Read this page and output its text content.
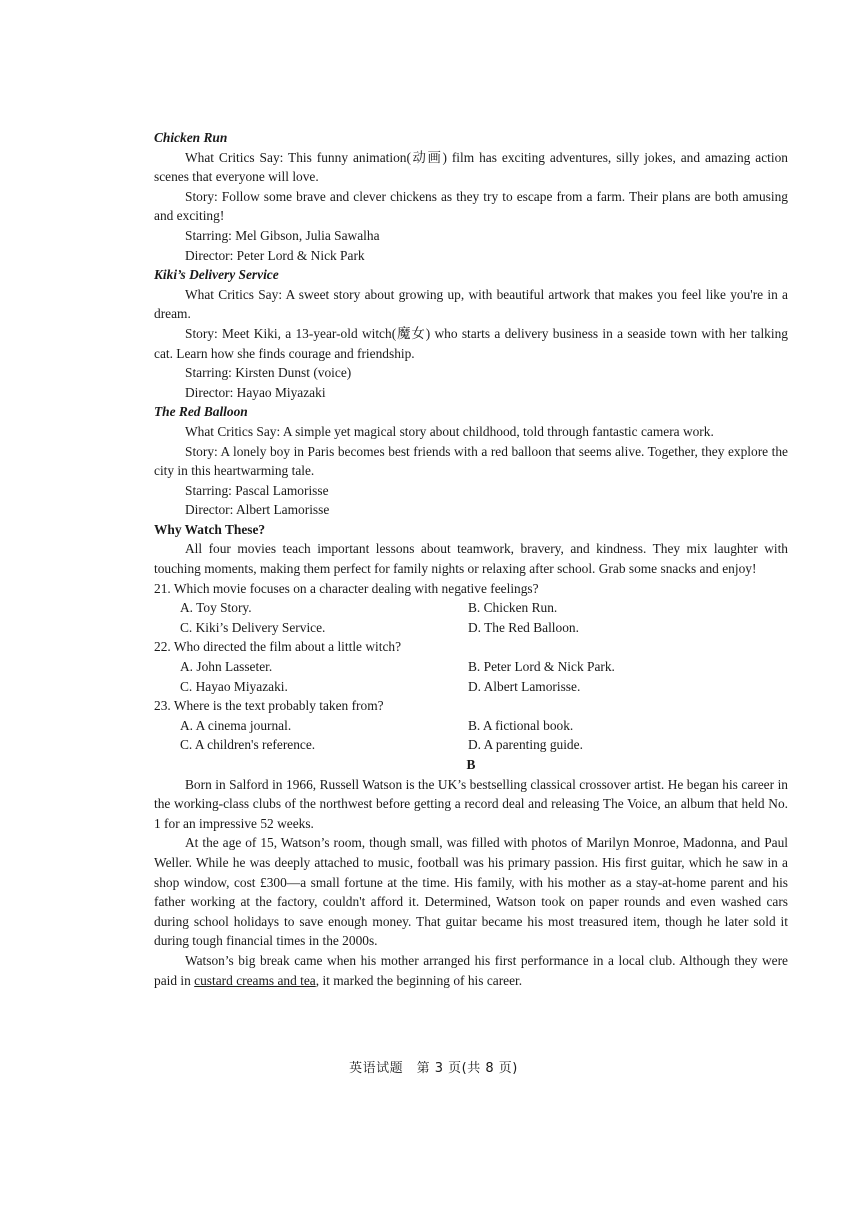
Chicken Run

What Critics Say: This funny animation(动画) film has exciting adventures, silly jokes, and amazing action scenes that everyone will love.

Story: Follow some brave and clever chickens as they try to escape from a farm. Their plans are both amusing and exciting!

Starring: Mel Gibson, Julia Sawalha
Director: Peter Lord & Nick Park
Kiki’s Delivery Service

What Critics Say: A sweet story about growing up, with beautiful artwork that makes you feel like you're in a dream.

Story: Meet Kiki, a 13-year-old witch(魔女) who starts a delivery business in a seaside town with her talking cat. Learn how she finds courage and friendship.

Starring: Kirsten Dunst (voice)
Director: Hayao Miyazaki
The Red Balloon

What Critics Say: A simple yet magical story about childhood, told through fantastic camera work.

Story: A lonely boy in Paris becomes best friends with a red balloon that seems alive. Together, they explore the city in this heartwarming tale.

Starring: Pascal Lamorisse
Director: Albert Lamorisse
Why Watch These?

All four movies teach important lessons about teamwork, bravery, and kindness. They mix laughter with touching moments, making them perfect for family nights or relaxing after school. Grab some snacks and enjoy!

21. Which movie focuses on a character dealing with negative feelings?
A. Toy Story.	B. Chicken Run.
C. Kiki’s Delivery Service.	D. The Red Balloon.
22. Who directed the film about a little witch?
A. John Lasseter.	B. Peter Lord & Nick Park.
C. Hayao Miyazaki.	D. Albert Lamorisse.
23. Where is the text probably taken from?
A. A cinema journal.	B. A fictional book.
C. A children's reference.	D. A parenting guide.
B

Born in Salford in 1966, Russell Watson is the UK’s bestselling classical crossover artist. He began his career in the working-class clubs of the northwest before getting a record deal and releasing The Voice, an album that held No. 1 for an impressive 52 weeks.

At the age of 15, Watson’s room, though small, was filled with photos of Marilyn Monroe, Madonna, and Paul Weller. While he was deeply attached to music, football was his primary passion. His first guitar, which he saw in a shop window, cost £300—a small fortune at the time. His family, with his mother as a stay-at-home parent and his father working at the factory, couldn't afford it. Determined, Watson took on paper rounds and even washed cars during school holidays to save enough money. That guitar became his most treasured item, though he later sold it during tough financial times in the 2000s.

Watson’s big break came when his mother arranged his first performance in a local club. Although they were paid in custard creams and tea, it marked the beginning of his career.

英语试题　第 3 页(共 8 页)
